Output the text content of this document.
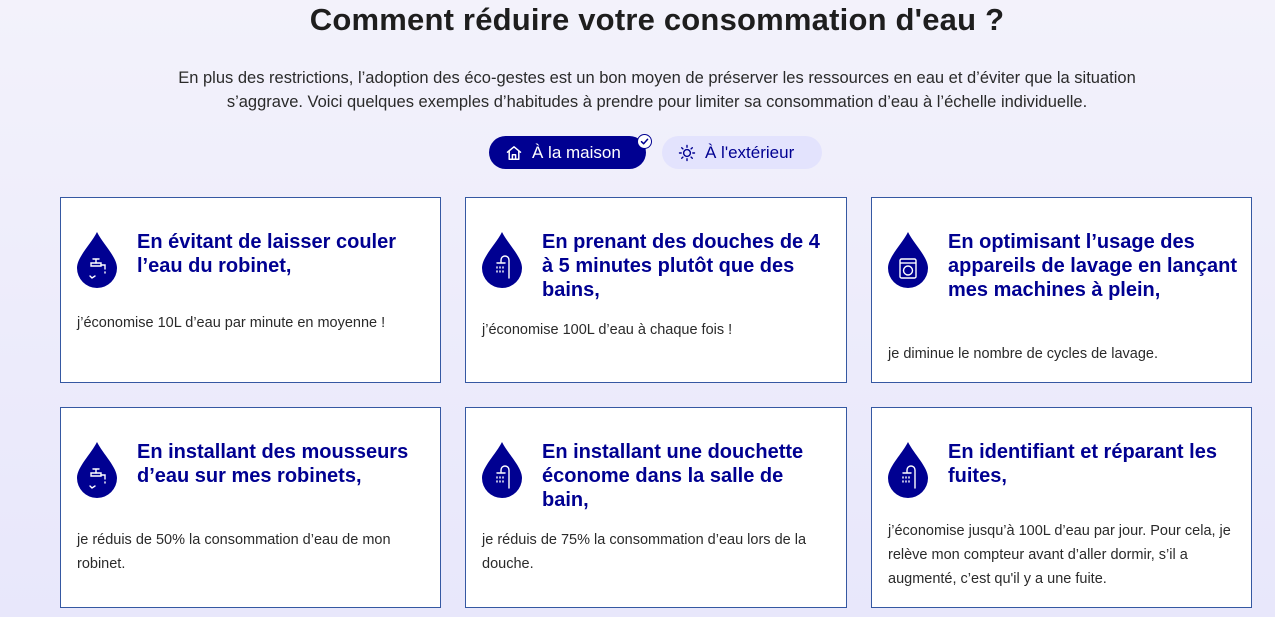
Comment réduire votre consommation d'eau ?

En plus des restrictions, l’adoption des éco-gestes est un bon moyen de préserver les ressources en eau et d’éviter que la situation s’aggrave. Voici quelques exemples d’habitudes à prendre pour limiter sa consommation d’eau à l’échelle individuelle.

À la maison	À l'extérieur
En évitant de laisser couler l’eau du robinet,
j’économise 10L d’eau par minute en moyenne !
En prenant des douches de 4 à 5 minutes plutôt que des bains,
j’économise 100L d’eau à chaque fois !
En optimisant l’usage des appareils de lavage en lançant mes machines à plein,
je diminue le nombre de cycles de lavage.
En installant des mousseurs d’eau sur mes robinets,
je réduis de 50% la consommation d’eau de mon robinet.
En installant une douchette économe dans la salle de bain,
je réduis de 75% la consommation d’eau lors de la douche.
En identifiant et réparant les fuites,
j’économise jusqu’à 100L d’eau par jour. Pour cela, je relève mon compteur avant d’aller dormir, s’il a augmenté, c’est qu'il y a une fuite.
